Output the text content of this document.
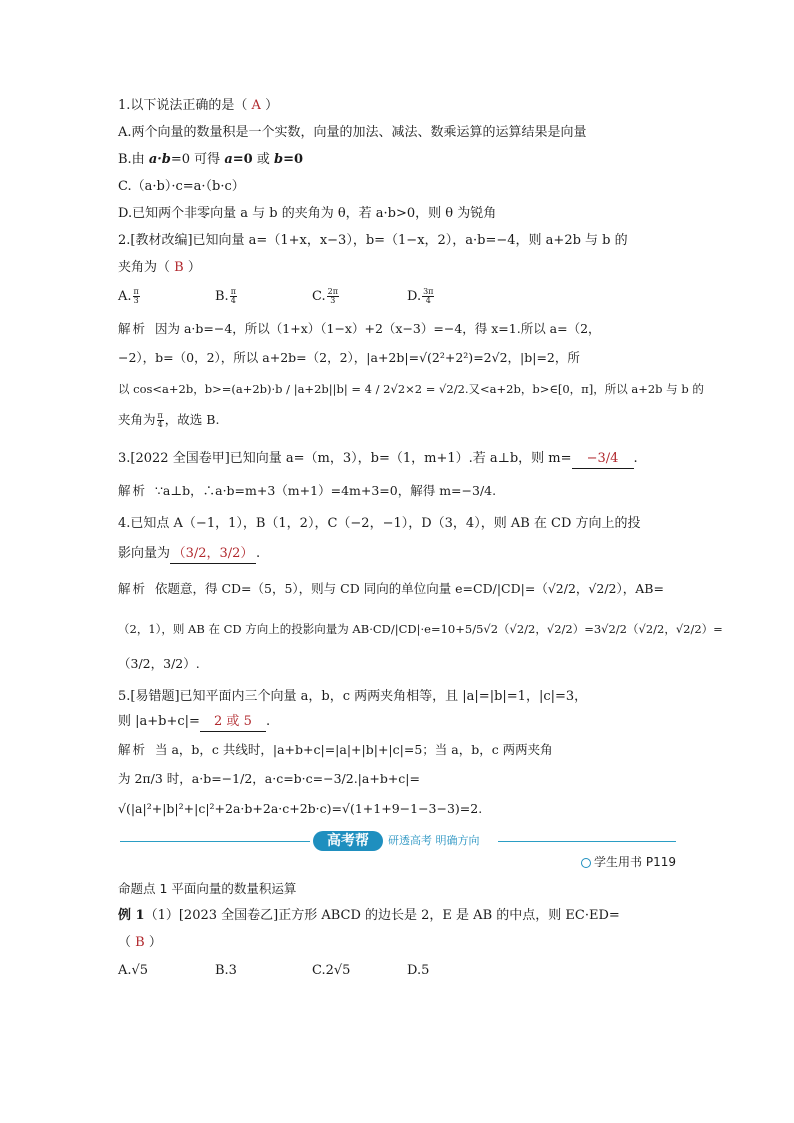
1.以下说法正确的是（ A ）
A.两个向量的数量积是一个实数，向量的加法、减法、数乘运算的运算结果是向量
B.由 a·b=0 可得 a=0 或 b=0
C.（a·b）·c=a·（b·c）
D.已知两个非零向量 a 与 b 的夹角为 θ，若 a·b>0，则 θ 为锐角
2.[教材改编]已知向量 a=（1+x，x−3），b=（1−x，2），a·b=−4，则 a+2b 与 b 的
夹角为（ B ）
A. $\frac{\pi}{3}$	B. $\frac{\pi}{4}$	C. $\frac{2\pi}{3}$	D. $\frac{3\pi}{4}$
解析 因为 a·b=−4，所以（1+x）（1−x）+2（x−3）=−4，得 x=1.所以 a=（2，
−2），b=（0，2），所以 a+2b=（2，2），|a+2b|=√(2²+2²)=2√2，|b|=2，所
以 cos<a+2b，b>=(a+2b)·b / |a+2b||b| = 4 / 2√2×2 = √2/2.又<a+2b，b>∈[0，π]，所以 a+2b 与 b 的
夹角为 $\frac{\pi}{4}$ ，故选 B.
3.[2022 全国卷甲]已知向量 a=（m，3），b=（1，m+1）.若 a⊥b，则 m= −3/4 .
解析 ∵a⊥b，∴a·b=m+3（m+1）=4m+3=0，解得 m=−3/4.
4.已知点 A（−1，1），B（1，2），C（−2，−1），D（3，4），则 AB 在 CD 方向上的投
影向量为 （3/2，3/2） .
解析 依题意，得 CD=（5，5），则与 CD 同向的单位向量 e=CD/|CD|=（√2/2，√2/2），AB=
（2，1），则 AB 在 CD 方向上的投影向量为 AB·CD/|CD|·e=10+5/5√2（√2/2，√2/2）=3√2/2（√2/2，√2/2）=
（3/2，3/2）.
5.[易错题]已知平面内三个向量 a，b，c 两两夹角相等，且 |a|=|b|=1，|c|=3，
则 |a+b+c|= 2 或 5 .
解析 当 a，b，c 共线时，|a+b+c|=|a|+|b|+|c|=5；当 a，b，c 两两夹角
为 2π/3 时，a·b=−1/2，a·c=b·c=−3/2.|a+b+c|=
√(|a|²+|b|²+|c|²+2a·b+2a·c+2b·c)=√(1+1+9−1−3−3)=2.
命题点 1 平面向量的数量积运算
例 1（1）[2023 全国卷乙]正方形 ABCD 的边长是 2，E 是 AB 的中点，则 EC·ED=
（ B ）
A.√5	B.3	C.2√5	D.5
高考帮	研透高考 明确方向
学生用书 P119
